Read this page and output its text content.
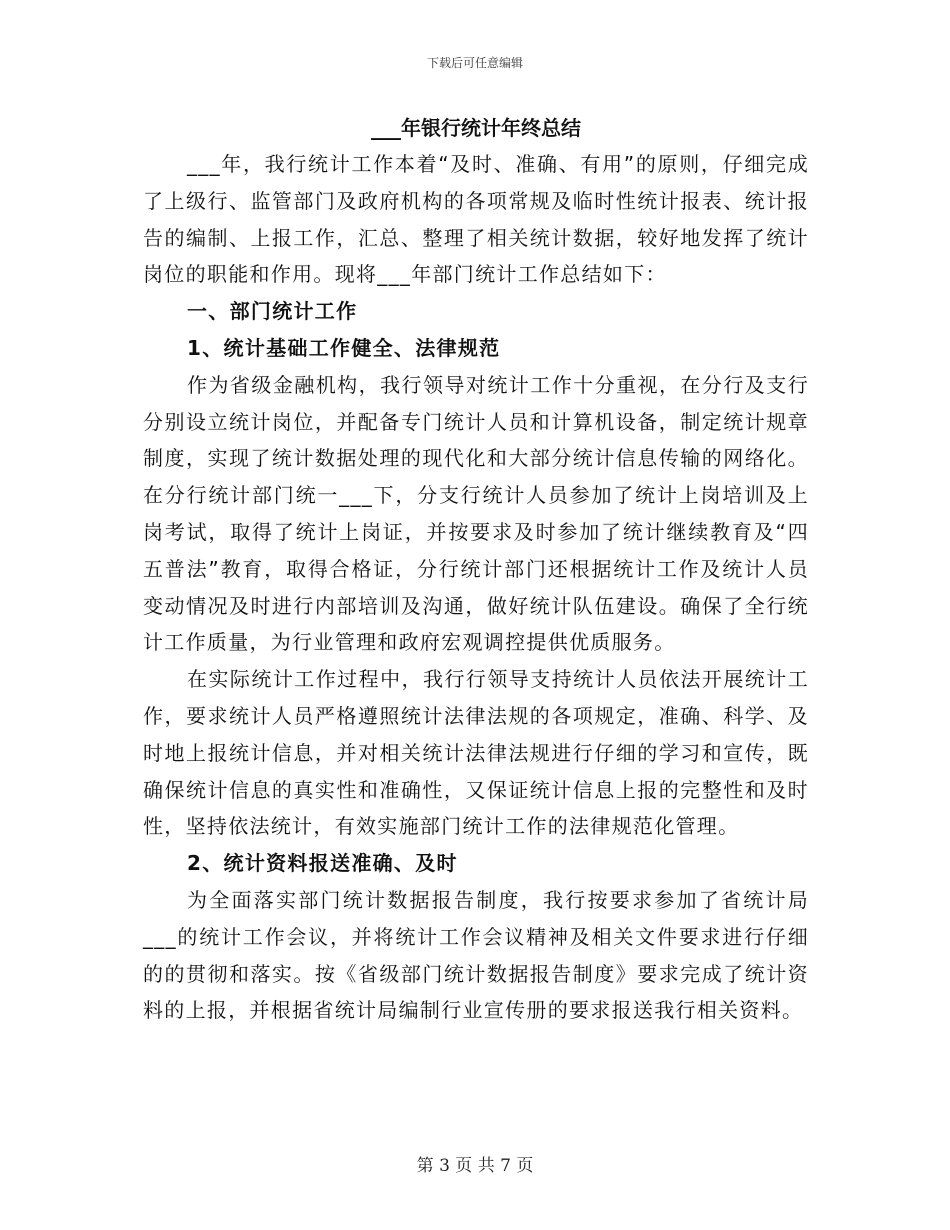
下载后可任意编辑

___年银行统计年终总结

___年，我行统计工作本着“及时、准确、有用”的原则，仔细完成了上级行、监管部门及政府机构的各项常规及临时性统计报表、统计报告的编制、上报工作，汇总、整理了相关统计数据，较好地发挥了统计岗位的职能和作用。现将___年部门统计工作总结如下：

一、部门统计工作

1、统计基础工作健全、法律规范

作为省级金融机构，我行领导对统计工作十分重视，在分行及支行分别设立统计岗位，并配备专门统计人员和计算机设备，制定统计规章制度，实现了统计数据处理的现代化和大部分统计信息传输的网络化。在分行统计部门统一___下，分支行统计人员参加了统计上岗培训及上岗考试，取得了统计上岗证，并按要求及时参加了统计继续教育及“四五普法”教育，取得合格证，分行统计部门还根据统计工作及统计人员变动情况及时进行内部培训及沟通，做好统计队伍建设。确保了全行统计工作质量，为行业管理和政府宏观调控提供优质服务。

在实际统计工作过程中，我行行领导支持统计人员依法开展统计工作，要求统计人员严格遵照统计法律法规的各项规定，准确、科学、及时地上报统计信息，并对相关统计法律法规进行仔细的学习和宣传，既确保统计信息的真实性和准确性，又保证统计信息上报的完整性和及时性，坚持依法统计，有效实施部门统计工作的法律规范化管理。

2、统计资料报送准确、及时

为全面落实部门统计数据报告制度，我行按要求参加了省统计局___的统计工作会议，并将统计工作会议精神及相关文件要求进行仔细的的贯彻和落实。按《省级部门统计数据报告制度》要求完成了统计资料的上报，并根据省统计局编制行业宣传册的要求报送我行相关资料。

第 3 页 共 7 页
